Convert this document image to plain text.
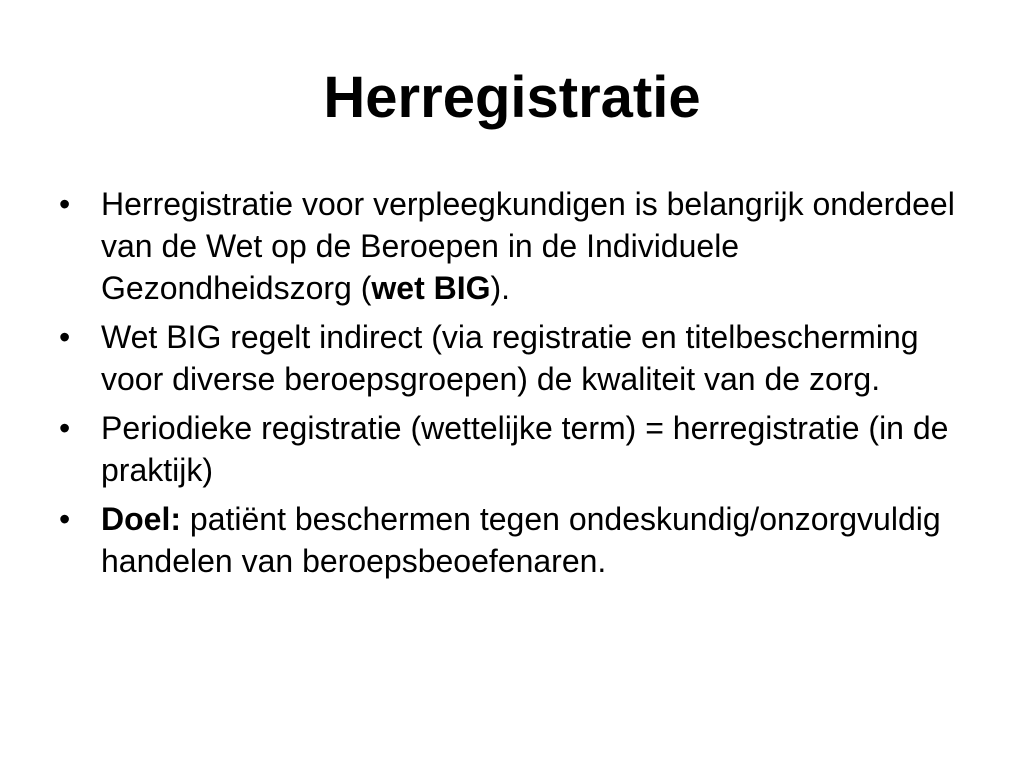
Herregistratie
• Herregistratie voor verpleegkundigen is belangrijk onderdeel van de Wet op de Beroepen in de Individuele Gezondheidszorg (wet BIG).
• Wet BIG regelt indirect (via registratie en titelbescherming voor diverse beroepsgroepen) de kwaliteit van de zorg.
• Periodieke registratie (wettelijke term) = herregistratie (in de praktijk)
• Doel: patiënt beschermen tegen ondeskundig/onzorgvuldig handelen van beroepsbeoefenaren.
